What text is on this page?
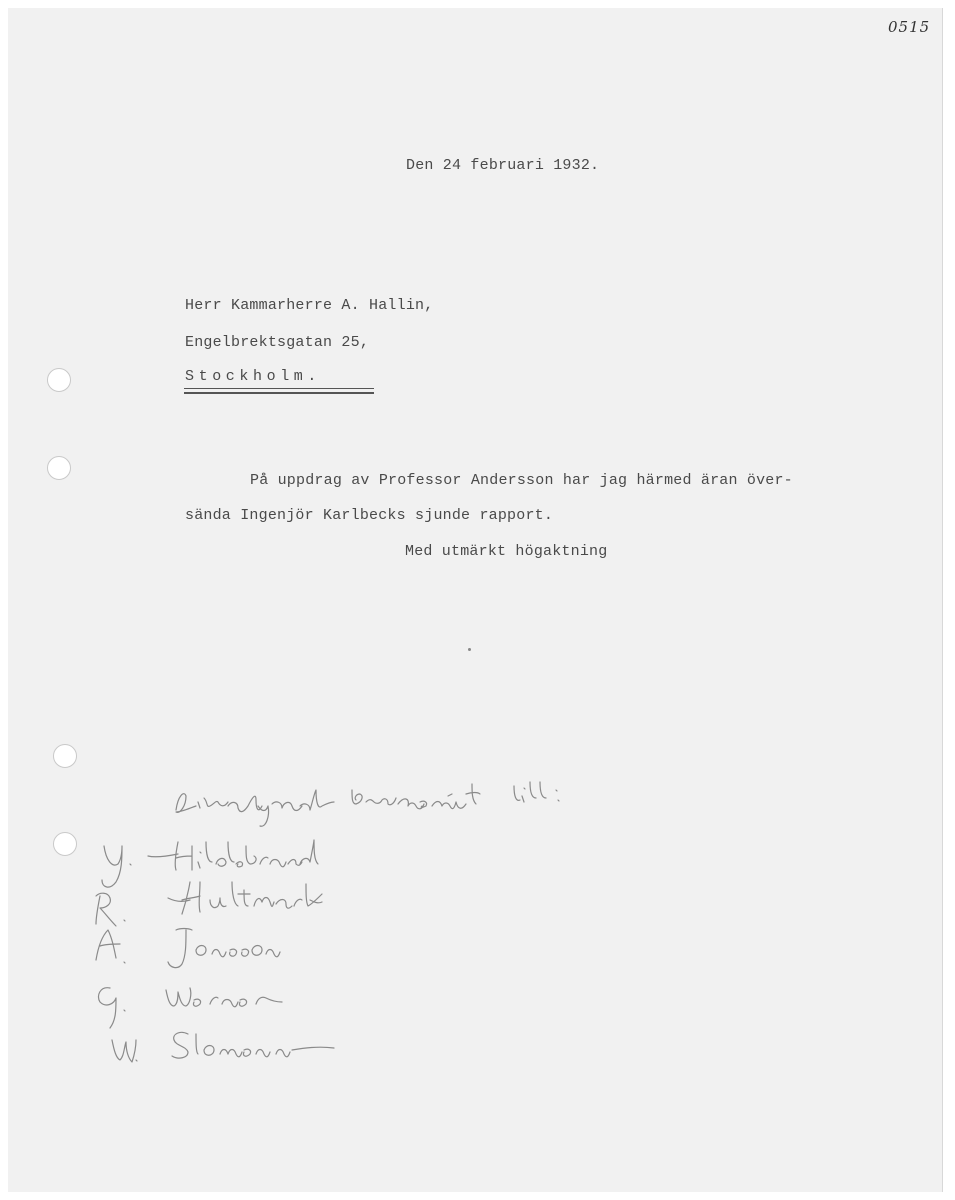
0515
Den 24 februari 1932.
Herr Kammarherre A. Hallin,
Engelbrektsgatan 25,
Stockholm.
På uppdrag av Professor Andersson har jag härmed äran över-
sända Ingenjör Karlbecks sjunde rapport.
Med utmärkt högaktning
